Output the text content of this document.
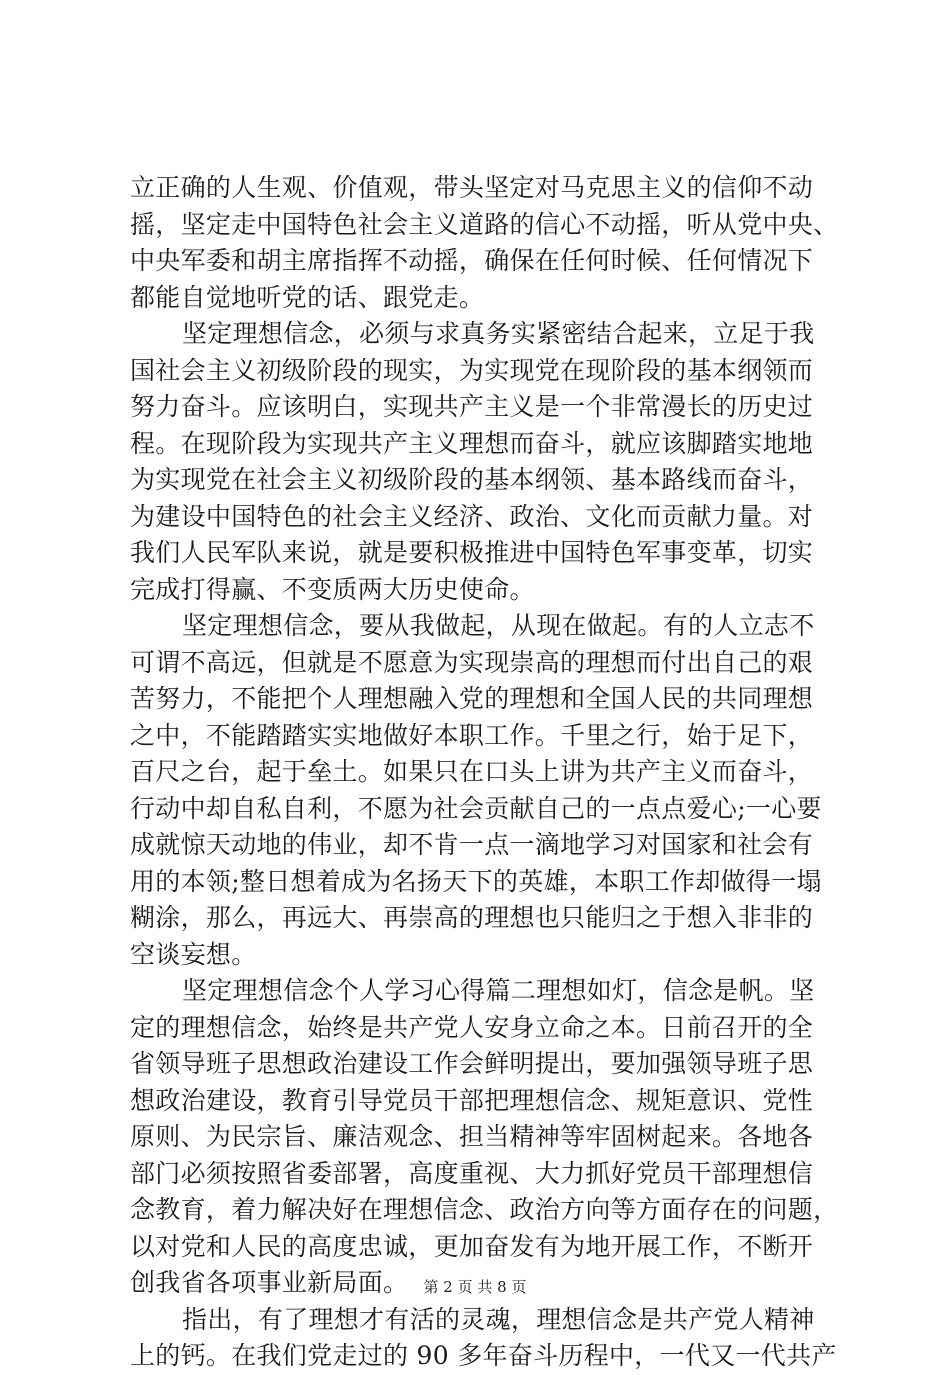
立正确的人生观、价值观，带头坚定对马克思主义的信仰不动
摇，坚定走中国特色社会主义道路的信心不动摇，听从党中央、
中央军委和胡主席指挥不动摇，确保在任何时候、任何情况下
都能自觉地听党的话、跟党走。
坚定理想信念，必须与求真务实紧密结合起来，立足于我
国社会主义初级阶段的现实，为实现党在现阶段的基本纲领而
努力奋斗。应该明白，实现共产主义是一个非常漫长的历史过
程。在现阶段为实现共产主义理想而奋斗，就应该脚踏实地地
为实现党在社会主义初级阶段的基本纲领、基本路线而奋斗，
为建设中国特色的社会主义经济、政治、文化而贡献力量。对
我们人民军队来说，就是要积极推进中国特色军事变革，切实
完成打得赢、不变质两大历史使命。
坚定理想信念，要从我做起，从现在做起。有的人立志不
可谓不高远，但就是不愿意为实现崇高的理想而付出自己的艰
苦努力，不能把个人理想融入党的理想和全国人民的共同理想
之中，不能踏踏实实地做好本职工作。千里之行，始于足下，
百尺之台，起于垒土。如果只在口头上讲为共产主义而奋斗，
行动中却自私自利，不愿为社会贡献自己的一点点爱心;一心要
成就惊天动地的伟业，却不肯一点一滴地学习对国家和社会有
用的本领;整日想着成为名扬天下的英雄，本职工作却做得一塌
糊涂，那么，再远大、再崇高的理想也只能归之于想入非非的
空谈妄想。
坚定理想信念个人学习心得篇二理想如灯，信念是帆。坚
定的理想信念，始终是共产党人安身立命之本。日前召开的全
省领导班子思想政治建设工作会鲜明提出，要加强领导班子思
想政治建设，教育引导党员干部把理想信念、规矩意识、党性
原则、为民宗旨、廉洁观念、担当精神等牢固树起来。各地各
部门必须按照省委部署，高度重视、大力抓好党员干部理想信
念教育，着力解决好在理想信念、政治方向等方面存在的问题，
以对党和人民的高度忠诚，更加奋发有为地开展工作，不断开
创我省各项事业新局面。
指出，有了理想才有活的灵魂，理想信念是共产党人精神
上的钙。在我们党走过的 90 多年奋斗历程中，一代又一代共产
第 2 页 共 8 页
